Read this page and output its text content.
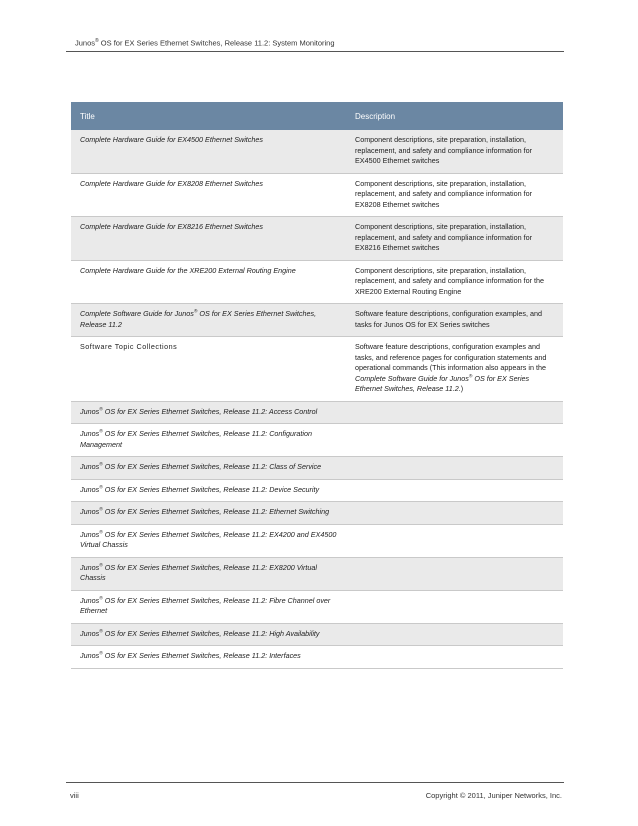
Junos® OS for EX Series Ethernet Switches, Release 11.2: System Monitoring
Title	Description
Complete Hardware Guide for EX4500 Ethernet Switches	Component descriptions, site preparation, installation, replacement, and safety and compliance information for EX4500 Ethernet switches
Complete Hardware Guide for EX8208 Ethernet Switches	Component descriptions, site preparation, installation, replacement, and safety and compliance information for EX8208 Ethernet switches
Complete Hardware Guide for EX8216 Ethernet Switches	Component descriptions, site preparation, installation, replacement, and safety and compliance information for EX8216 Ethernet switches
Complete Hardware Guide for the XRE200 External Routing Engine	Component descriptions, site preparation, installation, replacement, and safety and compliance information for the XRE200 External Routing Engine
Complete Software Guide for Junos® OS for EX Series Ethernet Switches, Release 11.2	Software feature descriptions, configuration examples, and tasks for Junos OS for EX Series switches
Software Topic Collections	Software feature descriptions, configuration examples and tasks, and reference pages for configuration statements and operational commands (This information also appears in the Complete Software Guide for Junos® OS for EX Series Ethernet Switches, Release 11.2.)
Junos® OS for EX Series Ethernet Switches, Release 11.2: Access Control	
Junos® OS for EX Series Ethernet Switches, Release 11.2: Configuration Management	
Junos® OS for EX Series Ethernet Switches, Release 11.2: Class of Service	
Junos® OS for EX Series Ethernet Switches, Release 11.2: Device Security	
Junos® OS for EX Series Ethernet Switches, Release 11.2: Ethernet Switching	
Junos® OS for EX Series Ethernet Switches, Release 11.2: EX4200 and EX4500 Virtual Chassis	
Junos® OS for EX Series Ethernet Switches, Release 11.2: EX8200 Virtual Chassis	
Junos® OS for EX Series Ethernet Switches, Release 11.2: Fibre Channel over Ethernet	
Junos® OS for EX Series Ethernet Switches, Release 11.2: High Availability	
Junos® OS for EX Series Ethernet Switches, Release 11.2: Interfaces	
viii	Copyright © 2011, Juniper Networks, Inc.
